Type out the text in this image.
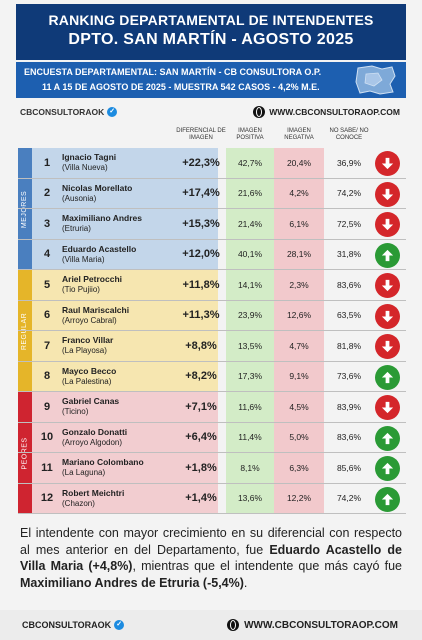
RANKING DEPARTAMENTAL DE INTENDENTES
DPTO. SAN MARTÍN - AGOSTO 2025
ENCUESTA DEPARTAMENTAL: SAN MARTÍN - CB CONSULTORA O.P.
11 A 15 DE AGOSTO DE 2025 - MUESTRA 542 CASOS - 4,2% M.E.
CBCONSULTORAOK ✓	WWW.CBCONSULTORAOP.COM
DIFERENCIAL DE IMAGEN
IMAGEN POSITIVA
IMAGEN NEGATIVA
NO SABE/ NO CONOCE
MEJORES
REGULAR
PEORES
1	Ignacio Tagni
(Villa Nueva)	+22,3%	42,7%	20,4%	36,9%
2	Nicolas Morellato
(Ausonia)	+17,4%	21,6%	4,2%	74,2%
3	Maximiliano Andres
(Etruria)	+15,3%	21,4%	6,1%	72,5%
4	Eduardo Acastello
(Villa Maria)	+12,0%	40,1%	28,1%	31,8%
5	Ariel Petrocchi
(Tio Pujiio)	+11,8%	14,1%	2,3%	83,6%
6	Raul Mariscalchi
(Arroyo Cabral)	+11,3%	23,9%	12,6%	63,5%
7	Franco Villar
(La Playosa)	+8,8%	13,5%	4,7%	81,8%
8	Mayco Becco
(La Palestina)	+8,2%	17,3%	9,1%	73,6%
9	Gabriel Canas
(Ticino)	+7,1%	11,6%	4,5%	83,9%
10 Gonzalo Donatti
(Arroyo Algodon)	+6,4%	11,4%	5,0%	83,6%
11 Mariano Colombano
(La Laguna)	+1,8%	8,1%	6,3%	85,6%
12 Robert Meichtri
(Chazon)	+1,4%	13,6%	12,2%	74,2%
El intendente con mayor crecimiento en su diferencial con respecto al mes anterior en del Departamento, fue Eduardo Acastello de Villa Maria (+4,8%), mientras que el intendente que más cayó fue Maximiliano Andres de Etruria (-5,4%).
CBCONSULTORAOK ✓	WWW.CBCONSULTORAOP.COM
